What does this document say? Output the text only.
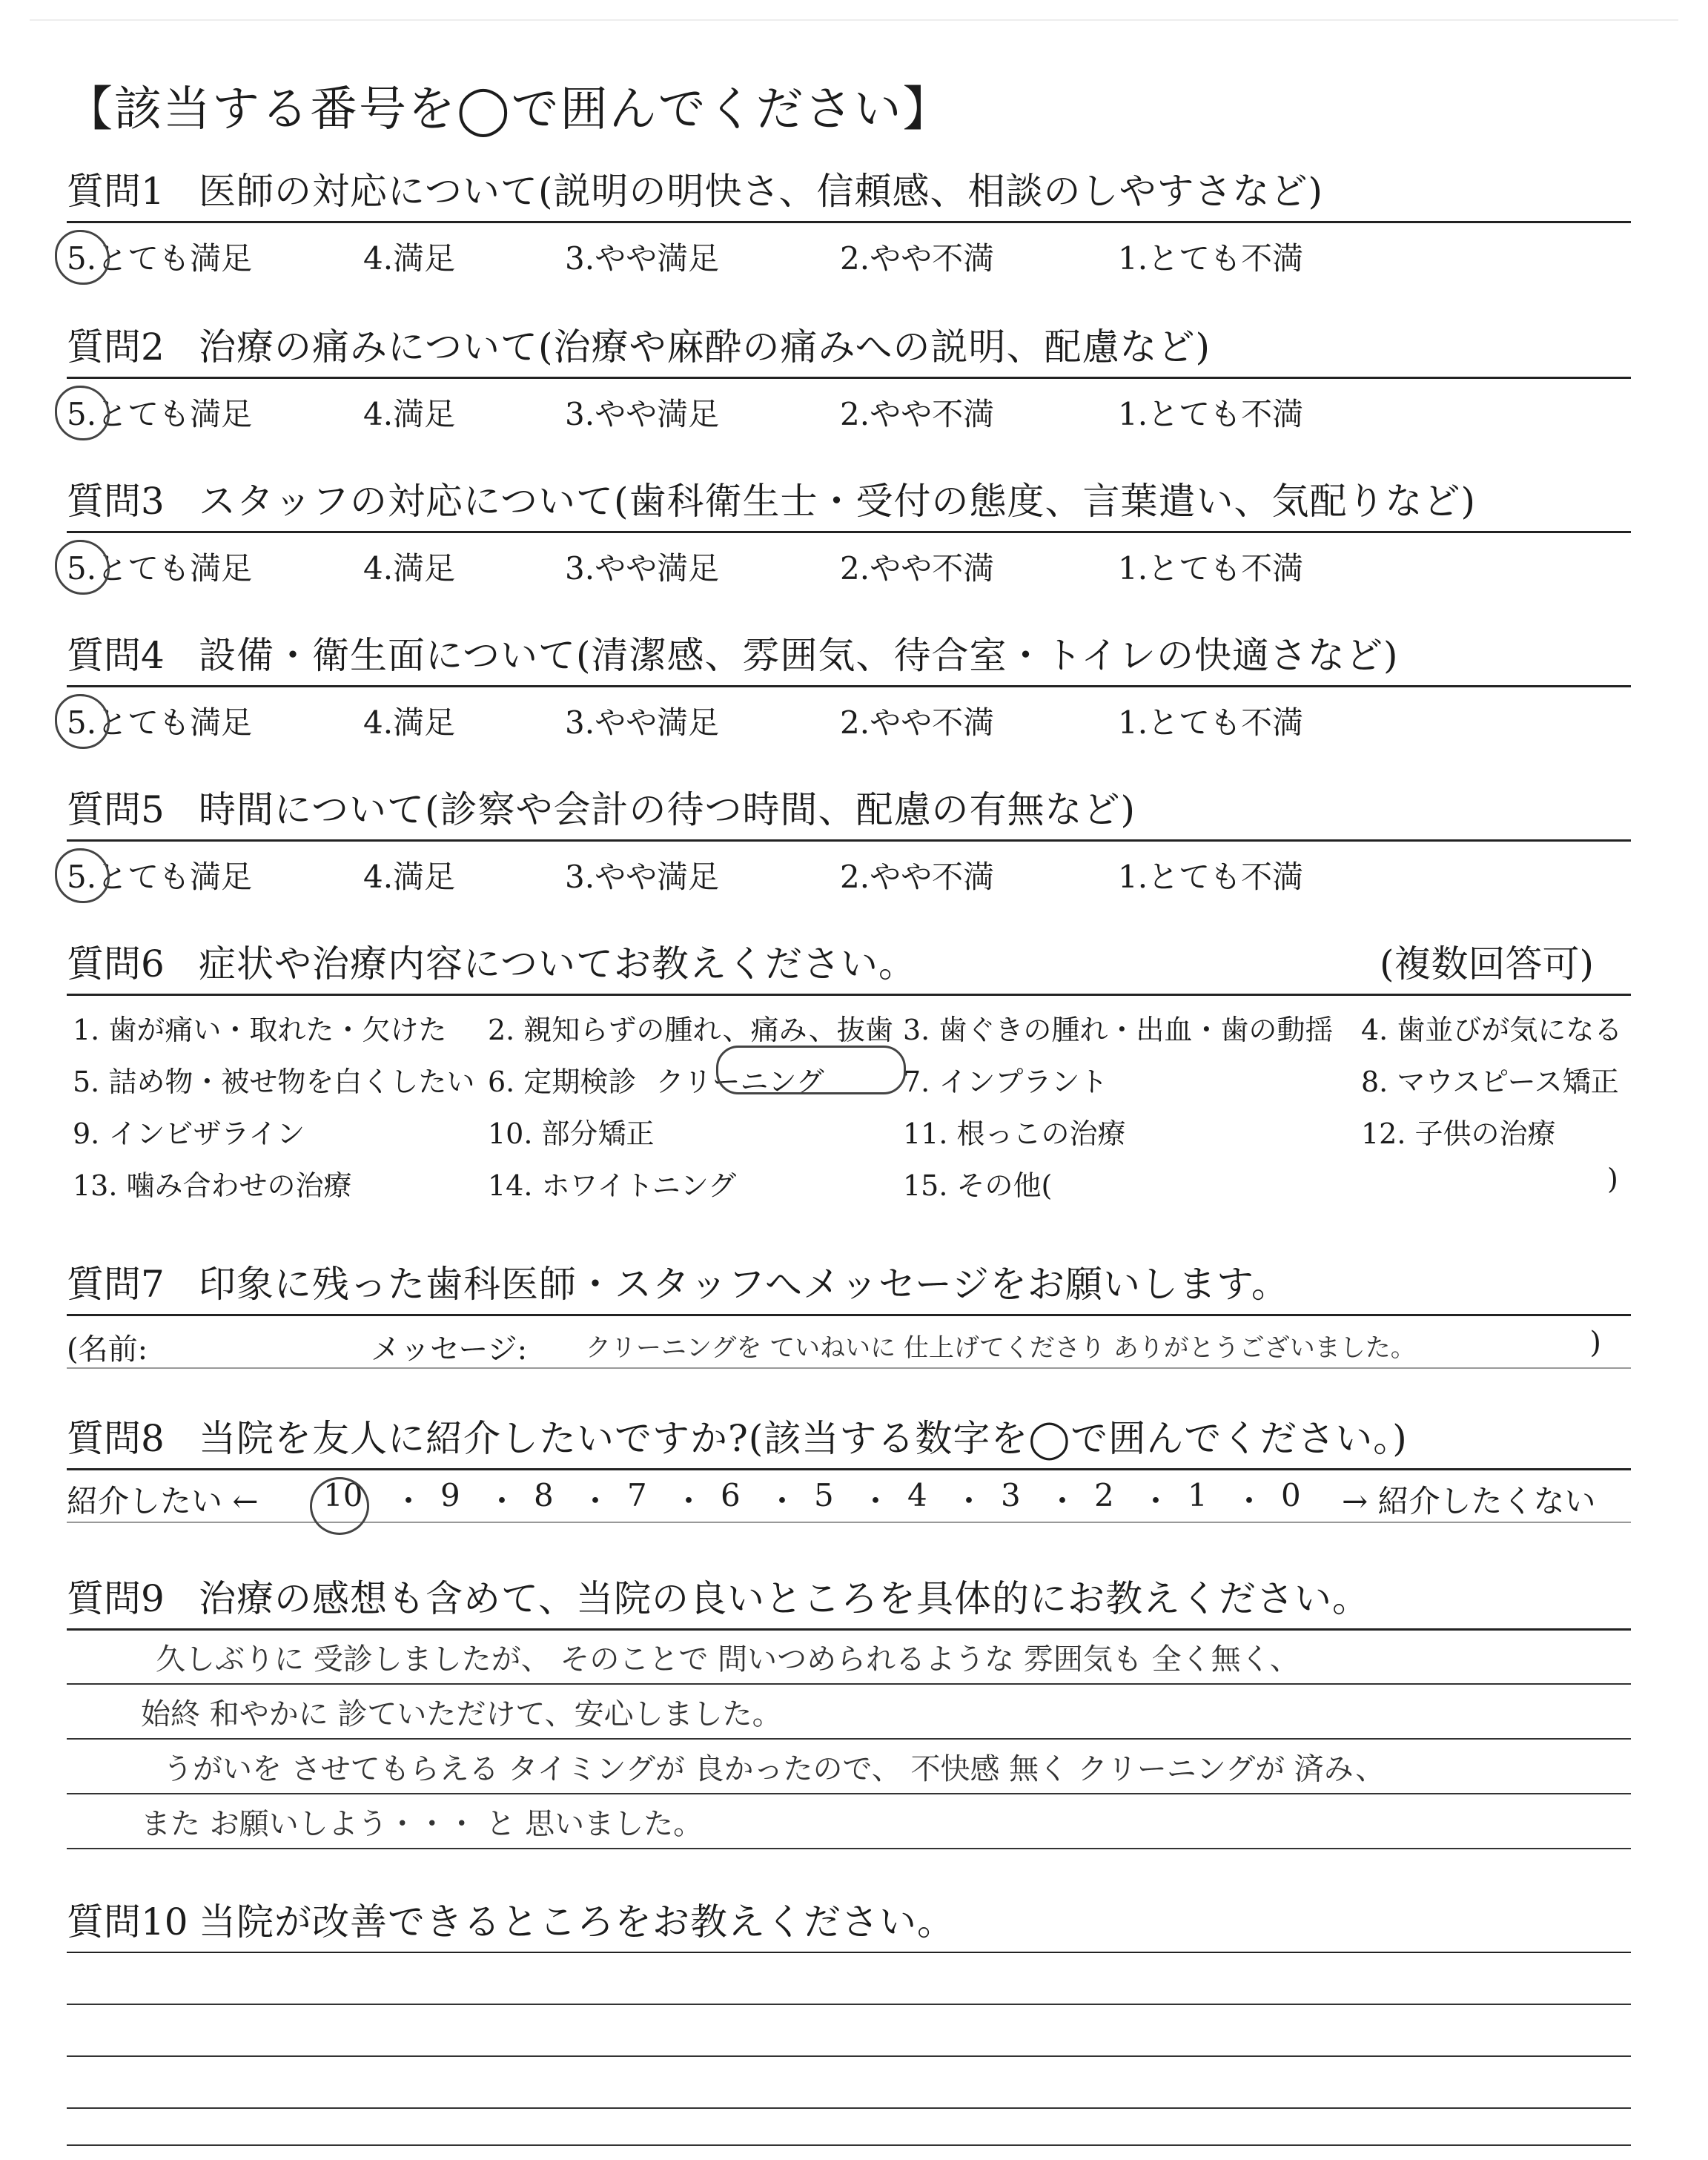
【該当する番号を◯で囲んでください】
質問1 医師の対応について(説明の明快さ、信頼感、相談のしやすさなど)
5.とても満足	4.満足	3.やや満足	2.やや不満	1.とても不満
質問2 治療の痛みについて(治療や麻酔の痛みへの説明、配慮など)
5.とても満足	4.満足	3.やや満足	2.やや不満	1.とても不満
質問3 スタッフの対応について(歯科衛生士・受付の態度、言葉遣い、気配りなど)
5.とても満足	4.満足	3.やや満足	2.やや不満	1.とても不満
質問4 設備・衛生面について(清潔感、雰囲気、待合室・トイレの快適さなど)
5.とても満足	4.満足	3.やや満足	2.やや不満	1.とても不満
質問5 時間について(診察や会計の待つ時間、配慮の有無など)
5.とても満足	4.満足	3.やや満足	2.やや不満	1.とても不満
質問6 症状や治療内容についてお教えください。	(複数回答可)
1. 歯が痛い・取れた・欠けた 2. 親知らずの腫れ、痛み、抜歯 3. 歯ぐきの腫れ・出血・歯の動揺 4. 歯並びが気になる
5. 詰め物・被せ物を白くしたい 6. 定期検診 クリーニング	7. インプラント	8. マウスピース矯正
9. インビザライン	10. 部分矯正	11. 根っこの治療	12. 子供の治療
13. 噛み合わせの治療	14. ホワイトニング	15. その他(	)
質問7 印象に残った歯科医師・スタッフへメッセージをお願いします。
(名前:	メッセージ: クリーニングを ていねいに 仕上げてくださり ありがとうございました。	)
質問8 当院を友人に紹介したいですか?(該当する数字を◯で囲んでください。)
紹介したい ← 10 ・ 9 ・ 8 ・ 7 ・ 6 ・ 5 ・ 4 ・ 3 ・ 2 ・ 1 ・ 0 → 紹介したくない
質問9 治療の感想も含めて、当院の良いところを具体的にお教えください。
久しぶりに 受診しましたが、 そのことで 問いつめられるような 雰囲気も 全く無く、
始終 和やかに 診ていただけて、安心しました。
うがいを させてもらえる タイミングが 良かったので、 不快感 無く クリーニングが 済み、
また お願いしよう・・・ と 思いました。
質問10 当院が改善できるところをお教えください。
